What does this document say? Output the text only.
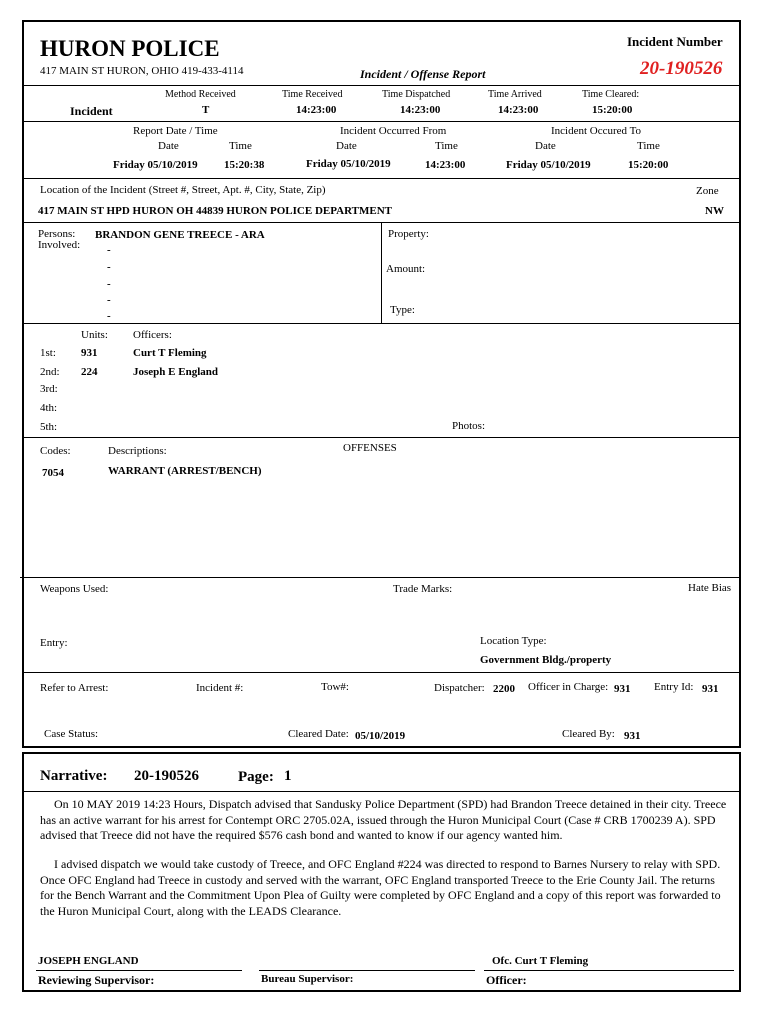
HURON POLICE
417 MAIN ST HURON, OHIO 419-433-4114	Incident / Offense Report
Incident Number
20-190526
Method Received	Time Received	Time Dispatched	Time Arrived	Time Cleared:
Incident	T	14:23:00	14:23:00	14:23:00	15:20:00
Report Date / Time	Incident Occurred From	Incident Occured To
Date	Time	Date	Time	Date	Time
Friday 05/10/2019 15:20:38	Friday 05/10/2019	14:23:00	Friday 05/10/2019	15:20:00
Location of the Incident (Street #, Street, Apt. #, City, State, Zip)	Zone
417 MAIN ST HPD HURON OH 44839 HURON POLICE DEPARTMENT	NW
Persons:
Involved:
BRANDON GENE TREECE - ARA
-
-
-
-
-
Property:
Amount:
Type:
Units: Officers:
1st: 931	Curt T Fleming
2nd: 224	Joseph E England
3rd:
4th:
5th:	Photos:
Codes:	Descriptions:	OFFENSES
7054	WARRANT (ARREST/BENCH)
Weapons Used:	Trade Marks:	Hate Bias
Entry:	Location Type:
Government Bldg./property
Refer to Arrest:	Incident #:	Tow#:	Dispatcher: 2200 Officer in Charge: 931 Entry Id: 931
Case Status:	Cleared Date: 05/10/2019	Cleared By: 931
Narrative: 20-190526	Page: 1
On 10 MAY 2019 14:23 Hours, Dispatch advised that Sandusky Police Department (SPD) had Brandon Treece detained in their city. Treece has an active warrant for his arrest for Contempt ORC 2705.02A, issued through the Huron Municipal Court (Case # CRB 1700239 A). SPD advised that Treece did not have the required $576 cash bond and wanted to know if our agency wanted him.
I advised dispatch we would take custody of Treece, and OFC England #224 was directed to respond to Barnes Nursery to relay with SPD. Once OFC England had Treece in custody and served with the warrant, OFC England transported Treece to the Erie County Jail. The returns for the Bench Warrant and the Commitment Upon Plea of Guilty were completed by OFC England and a copy of this report was forwarded to the Huron Municipal Court, along with the LEADS Clearance.
JOSEPH ENGLAND
Reviewing Supervisor:	Bureau Supervisor:
Ofc. Curt T Fleming
Officer:
